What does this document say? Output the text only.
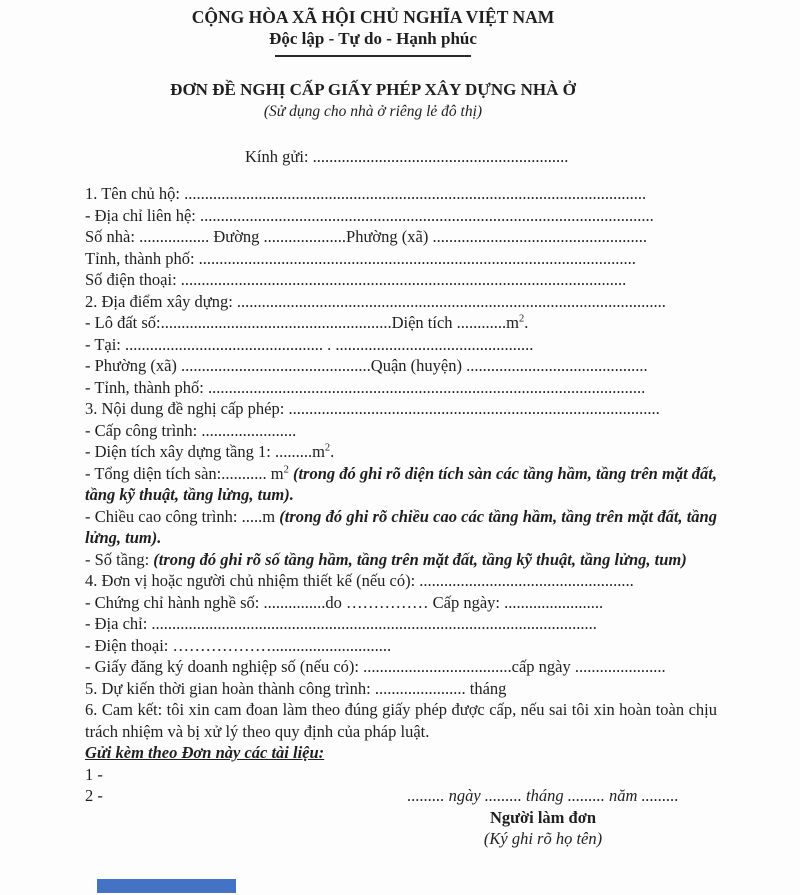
CỘNG HÒA XÃ HỘI CHỦ NGHĨA VIỆT NAM
Độc lập - Tự do - Hạnh phúc
ĐƠN ĐỀ NGHỊ CẤP GIẤY PHÉP XÂY DỰNG NHÀ Ở
(Sử dụng cho nhà ở riêng lẻ đô thị)
Kính gửi: ..............................................................
1. Tên chủ hộ: ................................................................................................................
- Địa chỉ liên hệ: ..............................................................................................................
Số nhà: ................. Đường ....................Phường (xã) ....................................................
Tỉnh, thành phố: ..........................................................................................................
Số điện thoại: ............................................................................................................
2. Địa điểm xây dựng: ........................................................................................................
- Lô đất số:........................................................Diện tích $............m^2$.
- Tại: ................................................ . ................................................
- Phường (xã) ..............................................Quận (huyện) ............................................
- Tỉnh, thành phố: ..........................................................................................................
3. Nội dung đề nghị cấp phép: ..........................................................................................
- Cấp công trình: .......................
- Diện tích xây dựng tầng 1: $.........m^2$.
- Tổng diện tích sàn:........... $m^2$ (trong đó ghi rõ diện tích sàn các tầng hầm, tầng trên mặt đất, tầng kỹ thuật, tầng lửng, tum).
- Chiều cao công trình: .....m (trong đó ghi rõ chiều cao các tầng hầm, tầng trên mặt đất, tầng lửng, tum).
- Số tầng: (trong đó ghi rõ số tầng hầm, tầng trên mặt đất, tầng kỹ thuật, tầng lửng, tum)
4. Đơn vị hoặc người chủ nhiệm thiết kế (nếu có): ....................................................
- Chứng chỉ hành nghề số: ...............do …………… Cấp ngày: ........................
- Địa chỉ: ............................................................................................................
- Điện thoại: ……………….............................
- Giấy đăng ký doanh nghiệp số (nếu có): ....................................cấp ngày ......................
5. Dự kiến thời gian hoàn thành công trình: ...................... tháng
6. Cam kết: tôi xin cam đoan làm theo đúng giấy phép được cấp, nếu sai tôi xin hoàn toàn chịu trách nhiệm và bị xử lý theo quy định của pháp luật.
Gửi kèm theo Đơn này các tài liệu:
1 -
2 -	......... ngày ......... tháng ......... năm .........
Người làm đơn
(Ký ghi rõ họ tên)
